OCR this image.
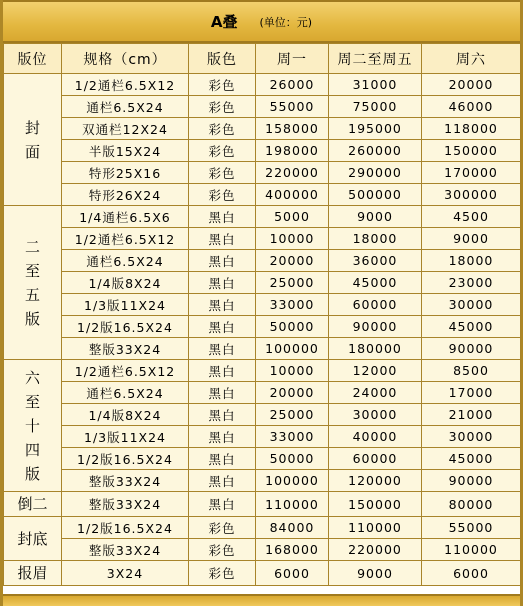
A叠 (单位：元)
版位	规格（cm）	版色	周一	周二至周五	周六

封
面	1/2通栏6.5X12	彩色	26000	31000	20000
	通栏6.5X24	彩色	55000	75000	46000
	双通栏12X24	彩色	158000	195000	118000
	半版15X24	彩色	198000	260000	150000
	特形25X16	彩色	220000	290000	170000
	特形26X24	彩色	400000	500000	300000

二
至
五
版	1/4通栏6.5X6	黑白	5000	9000	4500
	1/2通栏6.5X12	黑白	10000	18000	9000
	通栏6.5X24	黑白	20000	36000	18000
	1/4版8X24	黑白	25000	45000	23000
	1/3版11X24	黑白	33000	60000	30000
	1/2版16.5X24	黑白	50000	90000	45000
	整版33X24	黑白	100000	180000	90000

六
至
十
四
版	1/2通栏6.5X12	黑白	10000	12000	8500
	通栏6.5X24	黑白	20000	24000	17000
	1/4版8X24	黑白	25000	30000	21000
	1/3版11X24	黑白	33000	40000	30000
	1/2版16.5X24	黑白	50000	60000	45000
	整版33X24	黑白	100000	120000	90000
倒二	整版33X24	黑白	110000	150000	80000
封底	1/2版16.5X24	彩色	84000	110000	55000
	整版33X24	彩色	168000	220000	110000
报眉	3X24	彩色	6000	9000	6000
